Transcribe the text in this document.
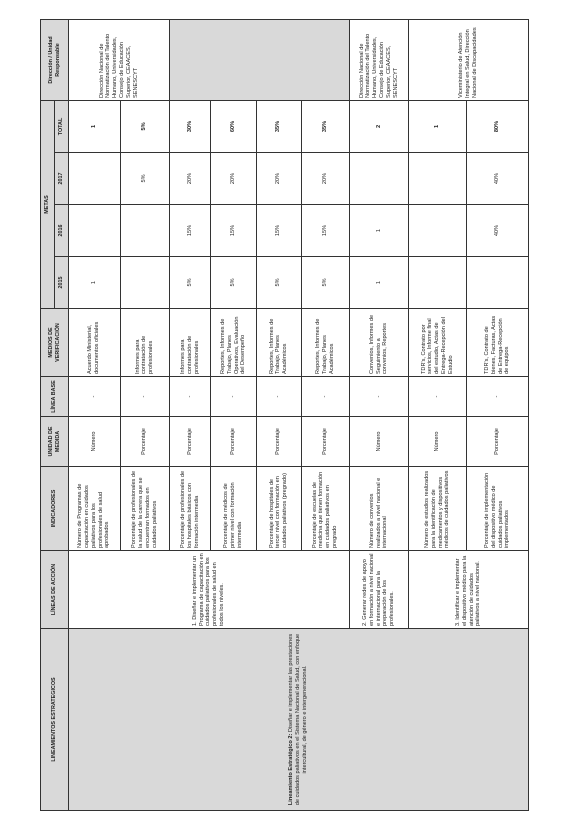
LINEAMIENTOS ESTRATEGICOS	LÍNEAS DE ACCIÓN	INDICADORES	UNIDAD DE MEDIDA	LÍNEA BASE	MEDIOS DE VERIFICACIÓN	METAS				Dirección / Unidad Responsable
						2015	2016	2017	TOTAL	
Lineamiento Estratégico 2: Diseñar e implementar las prestaciones de cuidados paliativos en el Sistema Nacional de Salud, con enfoque intercultural, de género e intergeneracional.	1. Diseñar e implementar un Programa de capacitación en cuidados paliativos para los profesionales de salud en todos los niveles.	Número de Programas de capacitación en cuidados paliativos para los profesionales de salud aprobados	Número	-	Acuerdo Ministerial, documentos oficiales	1			1	Dirección Nacional de Normatización del Talento Humano, Universidades, Consejo de Educación Superior, CEAACES, SENESCYT
		Porcentaje de profesionales de la salud de la carrera que se encuentran formados en cuidados paliativos	Porcentaje	-	Informes para contratación de profesionales			5%	5%	
		Porcentaje de profesionales de los hospitales básicos con formación intermedia	Porcentaje	-	Informes para contratación de profesionales	5%	15%	20%	30%	
		Porcentaje de médicos de primer nivel con formación intermedia	Porcentaje	-	Reportes, Informes de Trabajo, Planes Operativos, Evaluación del Desempeño	5%	15%	20%	60%	
		Porcentaje de hospitales de tercer nivel con formación en cuidados paliativos (pregrado)	Porcentaje	-	Reportes, Informes de Trabajo, Planes Académicos	5%	15%	20%	35%	
		Porcentaje de escuelas de medicina que tienen formación en cuidados paliativos en pregrado	Porcentaje	-	Reportes, Informes de Trabajo, Planes Académicos	5%	15%	20%	35%	
	2. Generar redes de apoyo en formación a nivel nacional e internacional para la preparación de los profesionales.	Número de convenios realizados a nivel nacional e internacional	Número	-	Convenios, Informes de Seguimiento a convenios, Reportes	1	1		2	Dirección Nacional de Normatización del Talento Humano, Universidades, Consejo de Educación Superior, CEAACES, SENESCYT
	3. Identificar e implementar el dispositivo médico para la atención de cuidados paliativos a nivel nacional.	Número de estudios realizados para la identificación de medicamentos y dispositivos médicos de cuidados paliativos	Número	-	TDR's, Contrato por servicios, Informe final del estudio, Actas de Entrega-Recepción del Estudio				1	Viceministerio de Atención Integral en Salud, Dirección Nacional de Discapacidades
		Porcentaje de implementación del dispositivo médico de cuidados paliativos implementados	Porcentaje	-	TDR's, Contrato de bienes, Facturas, Actas de Entrega-Recepción de equipos		40%	40%	80%	
